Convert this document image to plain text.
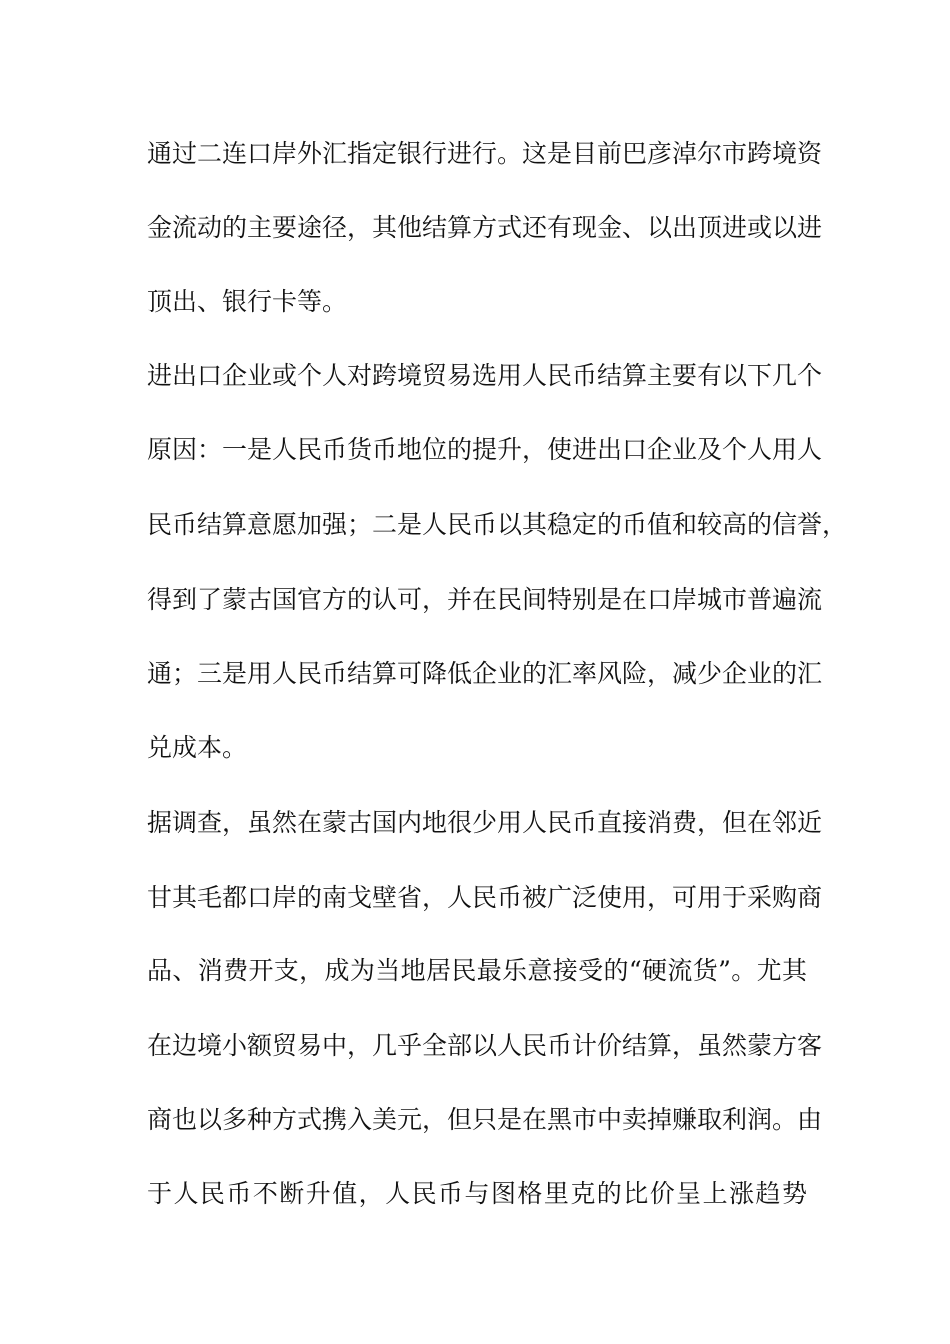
通过二连口岸外汇指定银行进行。这是目前巴彦淖尔市跨境资
金流动的主要途径，其他结算方式还有现金、以出顶进或以进
顶出、银行卡等。
进出口企业或个人对跨境贸易选用人民币结算主要有以下几个
原因：一是人民币货币地位的提升，使进出口企业及个人用人
民币结算意愿加强；二是人民币以其稳定的币值和较高的信誉，
得到了蒙古国官方的认可，并在民间特别是在口岸城市普遍流
通；三是用人民币结算可降低企业的汇率风险，减少企业的汇
兑成本。
据调查，虽然在蒙古国内地很少用人民币直接消费，但在邻近
甘其毛都口岸的南戈壁省，人民币被广泛使用，可用于采购商
品、消费开支，成为当地居民最乐意接受的“硬流货”。尤其
在边境小额贸易中，几乎全部以人民币计价结算，虽然蒙方客
商也以多种方式携入美元，但只是在黑市中卖掉赚取利润。由
于人民币不断升值，人民币与图格里克的比价呈上涨趋势
